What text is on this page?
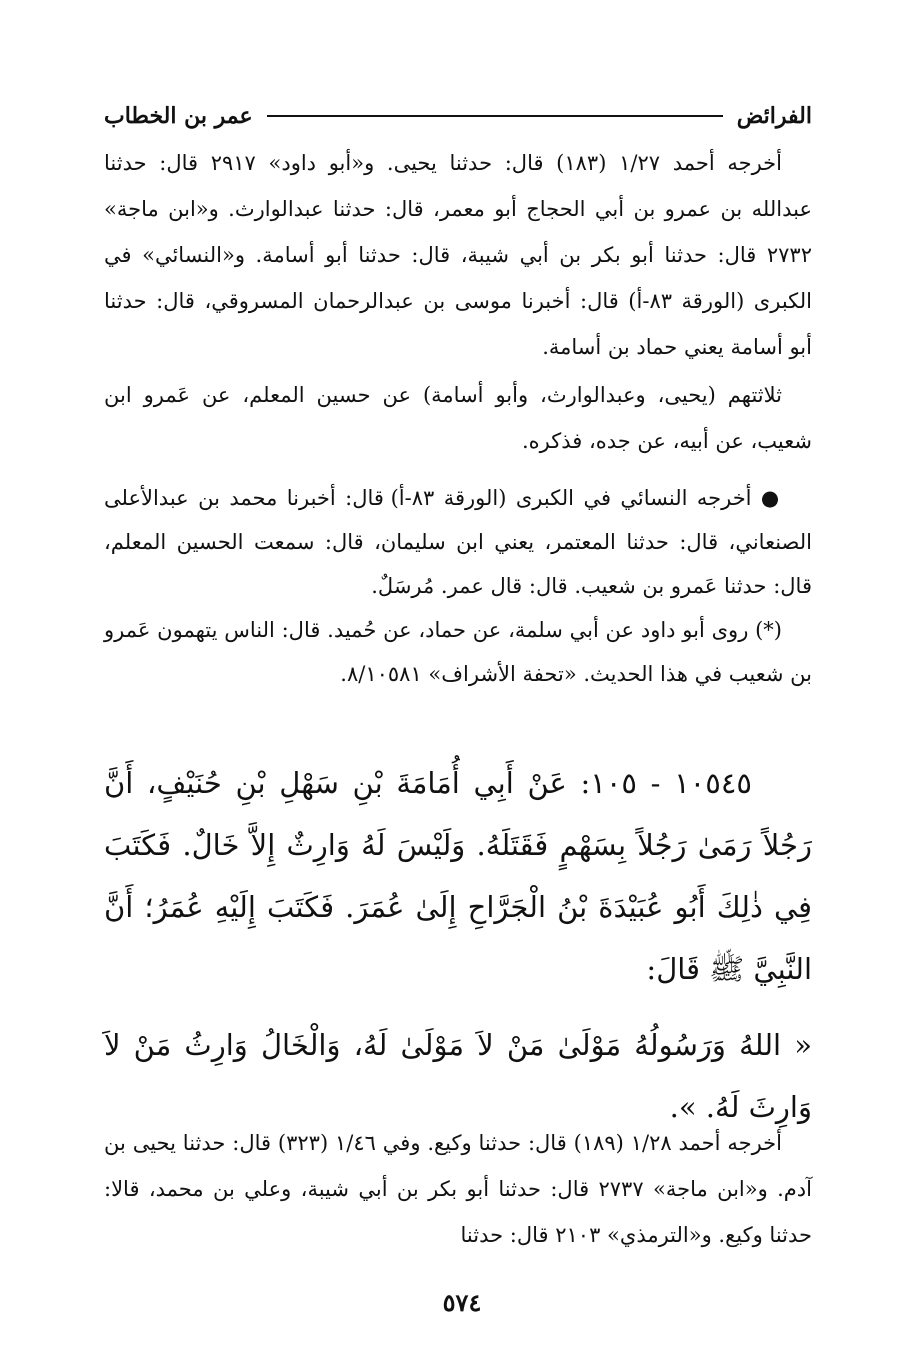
الفرائض
عمر بن الخطاب

أخرجه أحمد ١/٢٧ (١٨٣) قال: حدثنا يحيى. و«أبو داود» ٢٩١٧ قال: حدثنا عبدالله بن عمرو بن أبي الحجاج أبو معمر، قال: حدثنا عبدالوارث. و«ابن ماجة» ٢٧٣٢ قال: حدثنا أبو بكر بن أبي شيبة، قال: حدثنا أبو أسامة. و«النسائي» في الكبرى (الورقة ٨٣-أ) قال: أخبرنا موسى بن عبدالرحمان المسروقي، قال: حدثنا أبو أسامة يعني حماد بن أسامة.

ثلاثتهم (يحيى، وعبدالوارث، وأبو أسامة) عن حسين المعلم، عن عَمرو ابن شعيب، عن أبيه، عن جده، فذكره.

● أخرجه النسائي في الكبرى (الورقة ٨٣-أ) قال: أخبرنا محمد بن عبدالأعلى الصنعاني، قال: حدثنا المعتمر، يعني ابن سليمان، قال: سمعت الحسين المعلم، قال: حدثنا عَمرو بن شعيب. قال: قال عمر. مُرسَلٌ.

(*) روى أبو داود عن أبي سلمة، عن حماد، عن حُميد. قال: الناس يتهمون عَمرو بن شعيب في هذا الحديث. «تحفة الأشراف» ٨/١٠٥٨١.

١٠٥٤٥ - ١٠٥: عَنْ أَبِي أُمَامَةَ بْنِ سَهْلِ بْنِ حُنَيْفٍ، أَنَّ رَجُلاً رَمَىٰ رَجُلاً بِسَهْمٍ فَقَتَلَهُ. وَلَيْسَ لَهُ وَارِثٌ إِلاَّ خَالٌ. فَكَتَبَ فِي ذٰلِكَ أَبُو عُبَيْدَةَ بْنُ الْجَرَّاحِ إِلَىٰ عُمَرَ. فَكَتَبَ إِلَيْهِ عُمَرُ؛ أَنَّ النَّبِيَّ ﷺ قَالَ:

« اللهُ وَرَسُولُهُ مَوْلَىٰ مَنْ لاَ مَوْلَىٰ لَهُ، وَالْخَالُ وَارِثُ مَنْ لاَ وَارِثَ لَهُ. ».

أخرجه أحمد ١/٢٨ (١٨٩) قال: حدثنا وكيع. وفي ١/٤٦ (٣٢٣) قال: حدثنا يحيى بن آدم. و«ابن ماجة» ٢٧٣٧ قال: حدثنا أبو بكر بن أبي شيبة، وعلي بن محمد، قالا: حدثنا وكيع. و«الترمذي» ٢١٠٣ قال: حدثنا

٥٧٤
